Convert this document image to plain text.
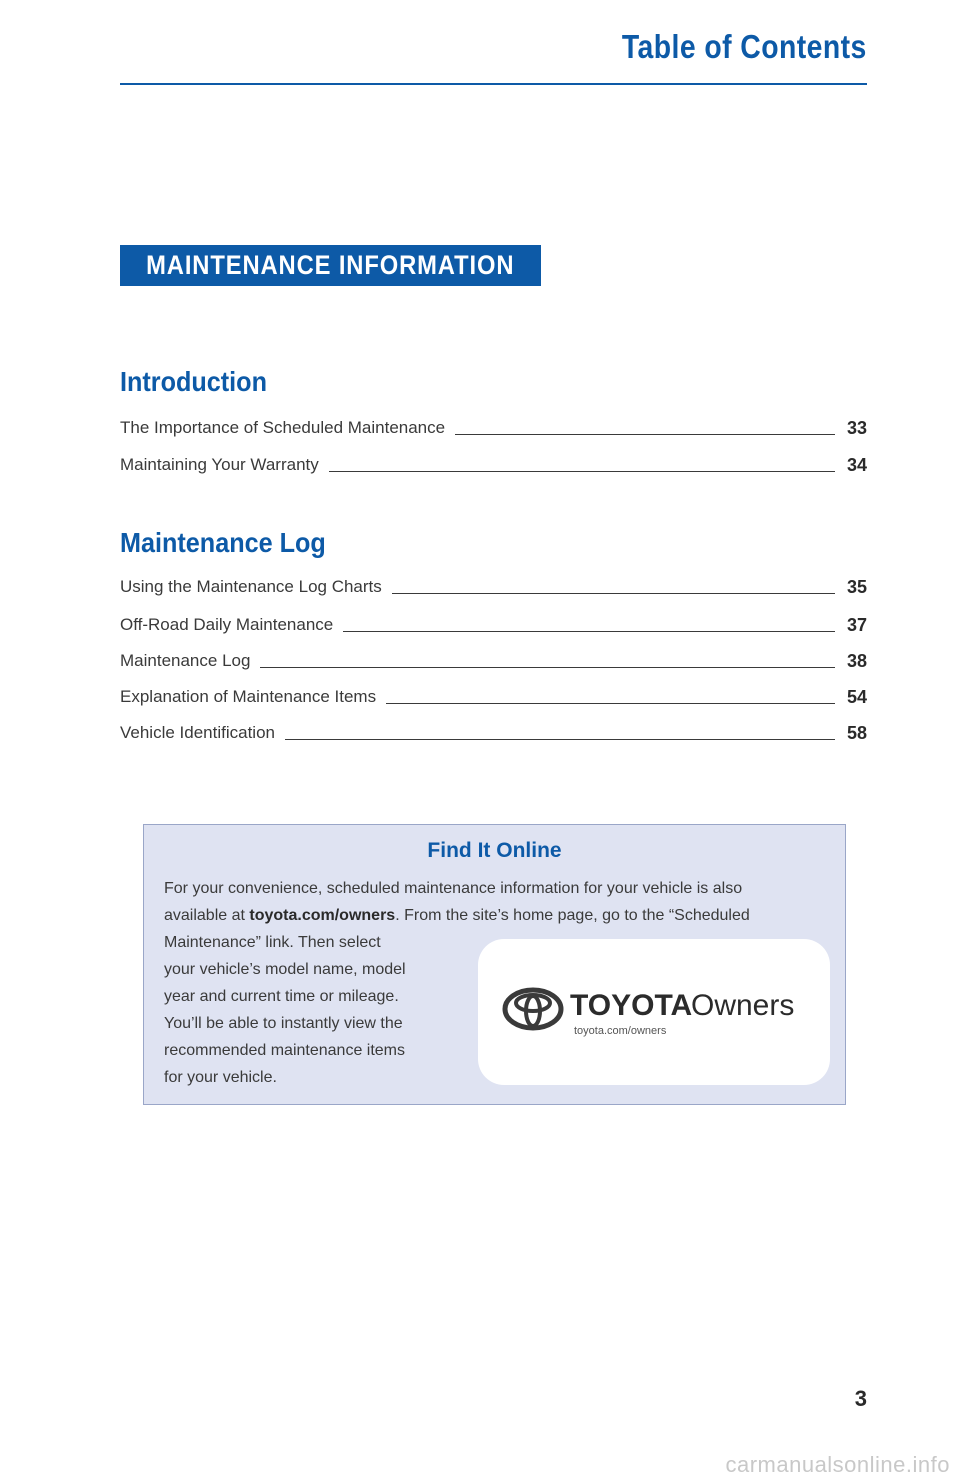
Table of Contents
MAINTENANCE INFORMATION
Introduction
The Importance of Scheduled Maintenance	33
Maintaining Your Warranty	34
Maintenance Log
Using the Maintenance Log Charts	35
Off-Road Daily Maintenance	37
Maintenance Log	38
Explanation of Maintenance Items	54
Vehicle Identification	58
Find It Online
For your convenience, scheduled maintenance information for your vehicle is also
available at toyota.com/owners. From the site’s home page, go to the “Scheduled
Maintenance” link. Then select
your vehicle’s model name, model
year and current time or mileage.
You’ll be able to instantly view the
recommended maintenance items
for your vehicle.
TOYOTA
Owners
toyota.com/owners
3
carmanualsonline.info
